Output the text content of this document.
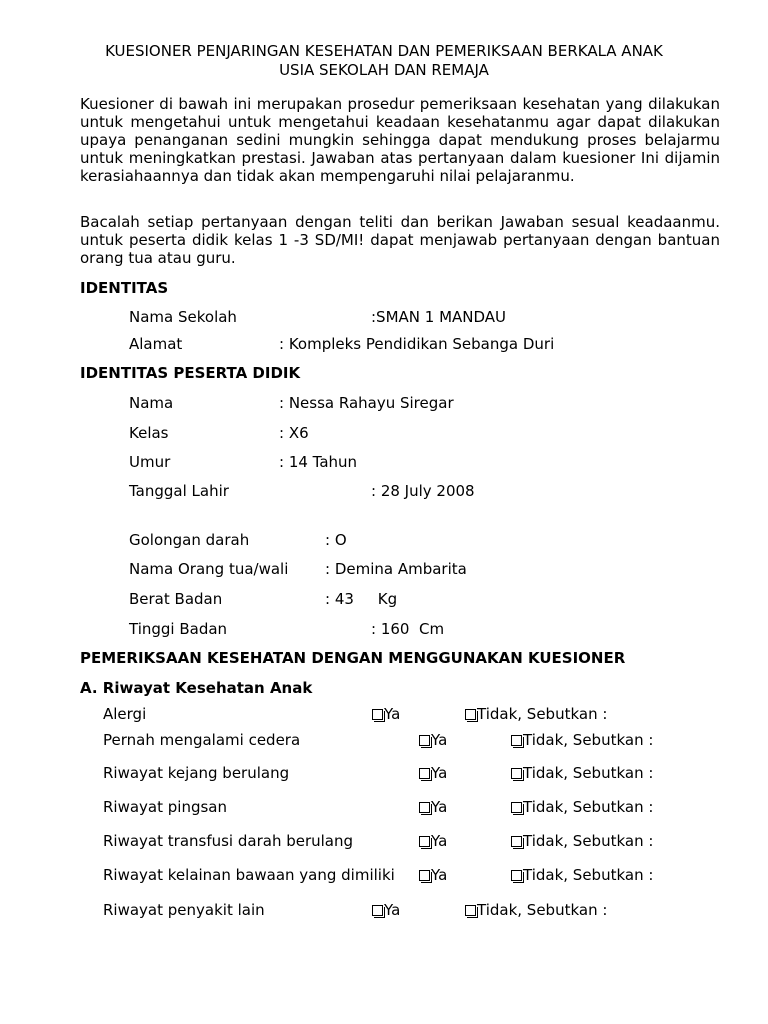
KUESIONER PENJARINGAN KESEHATAN DAN PEMERIKSAAN BERKALA ANAK
USIA SEKOLAH DAN REMAJA

Kuesioner di bawah ini merupakan prosedur pemeriksaan kesehatan yang dilakukan untuk mengetahui untuk mengetahui keadaan kesehatanmu agar dapat dilakukan upaya penanganan sedini mungkin sehingga dapat mendukung proses belajarmu untuk meningkatkan prestasi. Jawaban atas pertanyaan dalam kuesioner Ini dijamin kerasiahaannya dan tidak akan mempengaruhi nilai pelajaranmu.

Bacalah setiap pertanyaan dengan teliti dan berikan Jawaban sesual keadaanmu. untuk peserta didik kelas 1 -3 SD/MI! dapat menjawab pertanyaan dengan bantuan orang tua atau guru.

IDENTITAS
Nama Sekolah	:SMAN 1 MANDAU
Alamat	: Kompleks Pendidikan Sebanga Duri
IDENTITAS PESERTA DIDIK
Nama	: Nessa Rahayu Siregar
Kelas	: X6
Umur	: 14 Tahun
Tanggal Lahir	: 28 July 2008
Golongan darah	: O
Nama Orang tua/wali : Demina Ambarita
Berat Badan	: 43     Kg
Tinggi Badan	: 160  Cm
PEMERIKSAAN KESEHATAN DENGAN MENGGUNAKAN KUESIONER
A. Riwayat Kesehatan Anak
Alergi	Ya	Tidak, Sebutkan :
Pernah mengalami cedera	Ya	Tidak, Sebutkan :
Riwayat kejang berulang	Ya	Tidak, Sebutkan :
Riwayat pingsan	Ya	Tidak, Sebutkan :
Riwayat transfusi darah berulang	Ya	Tidak, Sebutkan :
Riwayat kelainan bawaan yang dimiliki Ya	Tidak, Sebutkan :
Riwayat penyakit lain	Ya	Tidak, Sebutkan :
